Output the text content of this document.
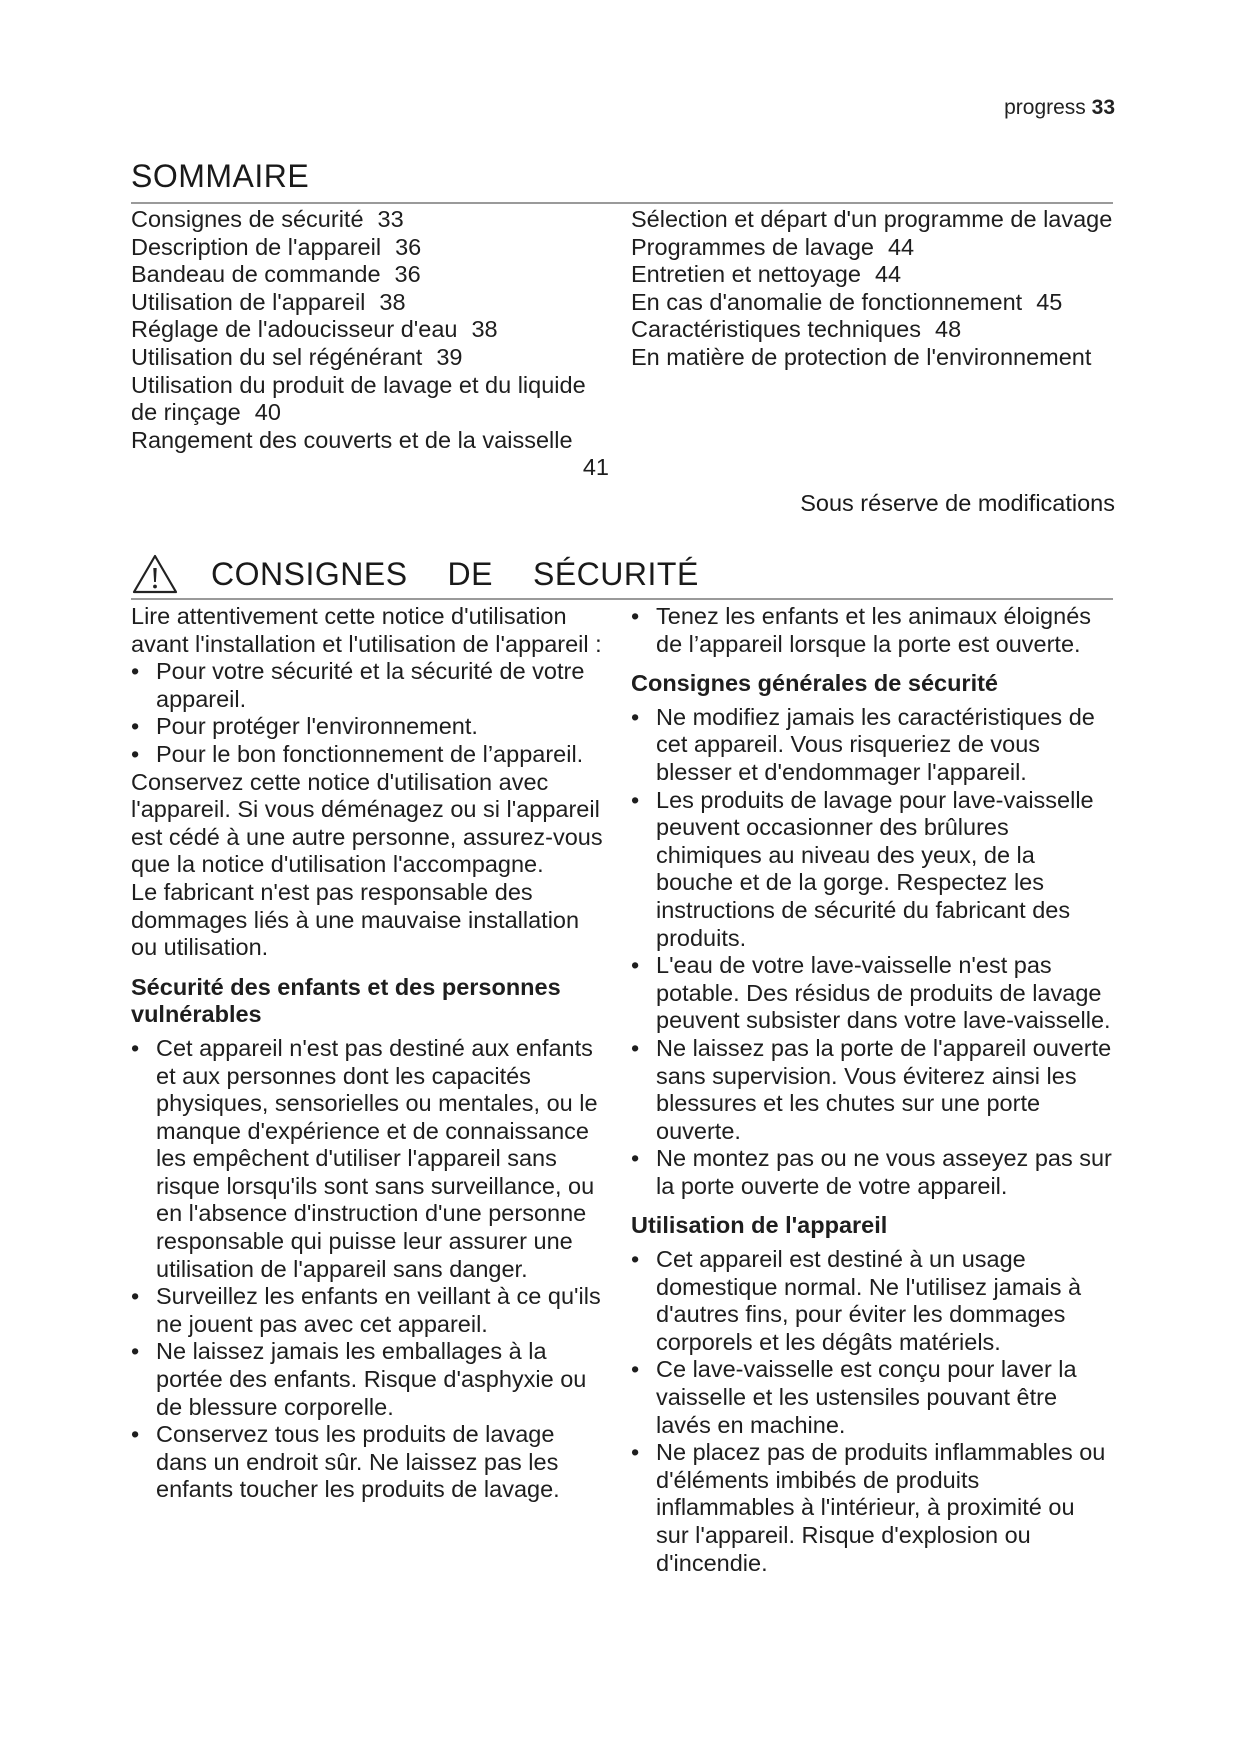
progress 33
SOMMAIRE
Consignes de sécurité 33
Description de l'appareil 36
Bandeau de commande 36
Utilisation de l'appareil 38
Réglage de l'adoucisseur d'eau 38
Utilisation du sel régénérant 39
Utilisation du produit de lavage et du liquide de rinçage 40
Rangement des couverts et de la vaisselle
41
Sélection et départ d'un programme de lavage
Programmes de lavage 44
Entretien et nettoyage 44
En cas d'anomalie de fonctionnement 45
Caractéristiques techniques 48
En matière de protection de l'environnement
Sous réserve de modifications
CONSIGNES DE SÉCURITÉ

Lire attentivement cette notice d'utilisation avant l'installation et l'utilisation de l'appareil :

• Pour votre sécurité et la sécurité de votre appareil.
• Pour protéger l'environnement.
• Pour le bon fonctionnement de l’appareil.

Conservez cette notice d'utilisation avec l'appareil. Si vous déménagez ou si l'appareil est cédé à une autre personne, assurez-vous que la notice d'utilisation l'accompagne.

Le fabricant n'est pas responsable des dommages liés à une mauvaise installation ou utilisation.

Sécurité des enfants et des personnes vulnérables
• Cet appareil n'est pas destiné aux enfants et aux personnes dont les capacités physiques, sensorielles ou mentales, ou le manque d'expérience et de connaissance les empêchent d'utiliser l'appareil sans risque lorsqu'ils sont sans surveillance, ou en l'absence d'instruction d'une personne responsable qui puisse leur assurer une utilisation de l'appareil sans danger.
• Surveillez les enfants en veillant à ce qu'ils ne jouent pas avec cet appareil.
• Ne laissez jamais les emballages à la portée des enfants. Risque d'asphyxie ou de blessure corporelle.
• Conservez tous les produits de lavage dans un endroit sûr. Ne laissez pas les enfants toucher les produits de lavage.
• Tenez les enfants et les animaux éloignés de l’appareil lorsque la porte est ouverte.
Consignes générales de sécurité
• Ne modifiez jamais les caractéristiques de cet appareil. Vous risqueriez de vous blesser et d'endommager l'appareil.
• Les produits de lavage pour lave-vaisselle peuvent occasionner des brûlures chimiques au niveau des yeux, de la bouche et de la gorge. Respectez les instructions de sécurité du fabricant des produits.
• L'eau de votre lave-vaisselle n'est pas potable. Des résidus de produits de lavage peuvent subsister dans votre lave-vaisselle.
• Ne laissez pas la porte de l'appareil ouverte sans supervision. Vous éviterez ainsi les blessures et les chutes sur une porte ouverte.
• Ne montez pas ou ne vous asseyez pas sur la porte ouverte de votre appareil.
Utilisation de l'appareil
• Cet appareil est destiné à un usage domestique normal. Ne l'utilisez jamais à d'autres fins, pour éviter les dommages corporels et les dégâts matériels.
• Ce lave-vaisselle est conçu pour laver la vaisselle et les ustensiles pouvant être lavés en machine.
• Ne placez pas de produits inflammables ou d'éléments imbibés de produits inflammables à l'intérieur, à proximité ou sur l'appareil. Risque d'explosion ou d'incendie.
